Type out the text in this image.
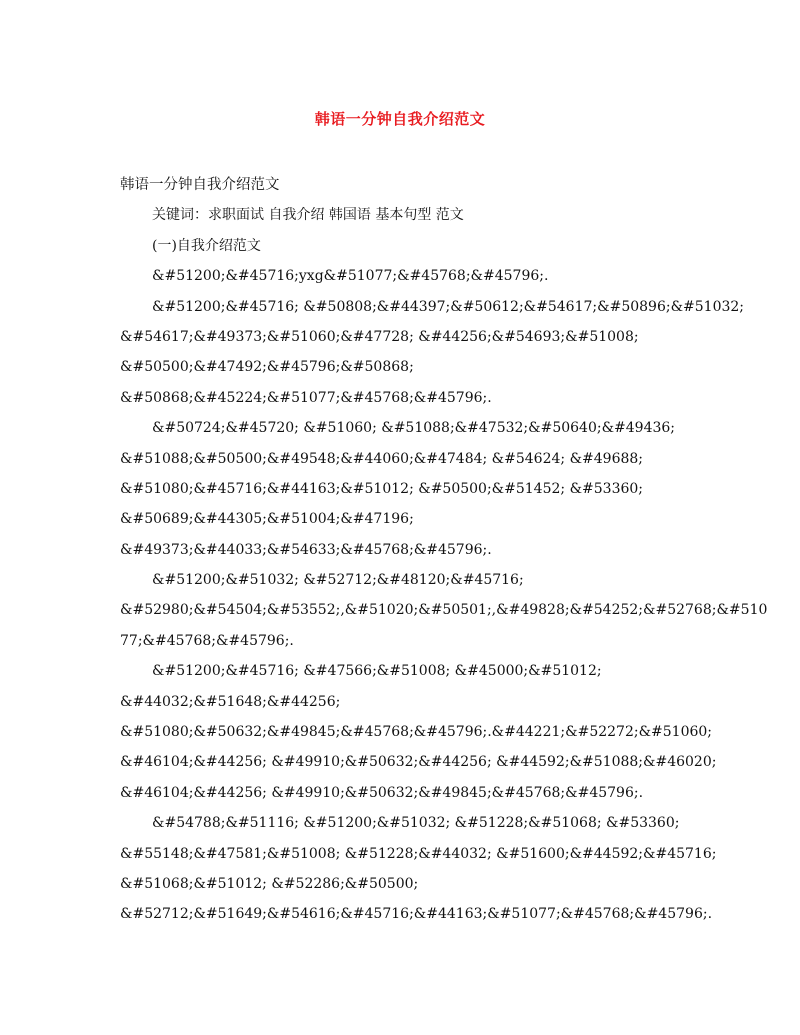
韩语一分钟自我介绍范文
韩语一分钟自我介绍范文
关键词：求职面试 自我介绍 韩国语 基本句型 范文
(一)自我介绍范文
&#51200;&#45716;yxg&#51077;&#45768;&#45796;.
&#51200;&#45716; &#50808;&#44397;&#50612;&#54617;&#50896;&#51032;
&#54617;&#49373;&#51060;&#47728; &#44256;&#54693;&#51008;
&#50500;&#47492;&#45796;&#50868;
&#50868;&#45224;&#51077;&#45768;&#45796;.
&#50724;&#45720; &#51060; &#51088;&#47532;&#50640;&#49436;
&#51088;&#50500;&#49548;&#44060;&#47484; &#54624; &#49688;
&#51080;&#45716;&#44163;&#51012; &#50500;&#51452; &#53360;
&#50689;&#44305;&#51004;&#47196;
&#49373;&#44033;&#54633;&#45768;&#45796;.
&#51200;&#51032; &#52712;&#48120;&#45716;
&#52980;&#54504;&#53552;,&#51020;&#50501;,&#49828;&#54252;&#52768;&#510
77;&#45768;&#45796;.
&#51200;&#45716; &#47566;&#51008; &#45000;&#51012;
&#44032;&#51648;&#44256;
&#51080;&#50632;&#49845;&#45768;&#45796;.&#44221;&#52272;&#51060;
&#46104;&#44256; &#49910;&#50632;&#44256; &#44592;&#51088;&#46020;
&#46104;&#44256; &#49910;&#50632;&#49845;&#45768;&#45796;.
&#54788;&#51116; &#51200;&#51032; &#51228;&#51068; &#53360;
&#55148;&#47581;&#51008; &#51228;&#44032; &#51600;&#44592;&#45716;
&#51068;&#51012; &#52286;&#50500;
&#52712;&#51649;&#54616;&#45716;&#44163;&#51077;&#45768;&#45796;.
